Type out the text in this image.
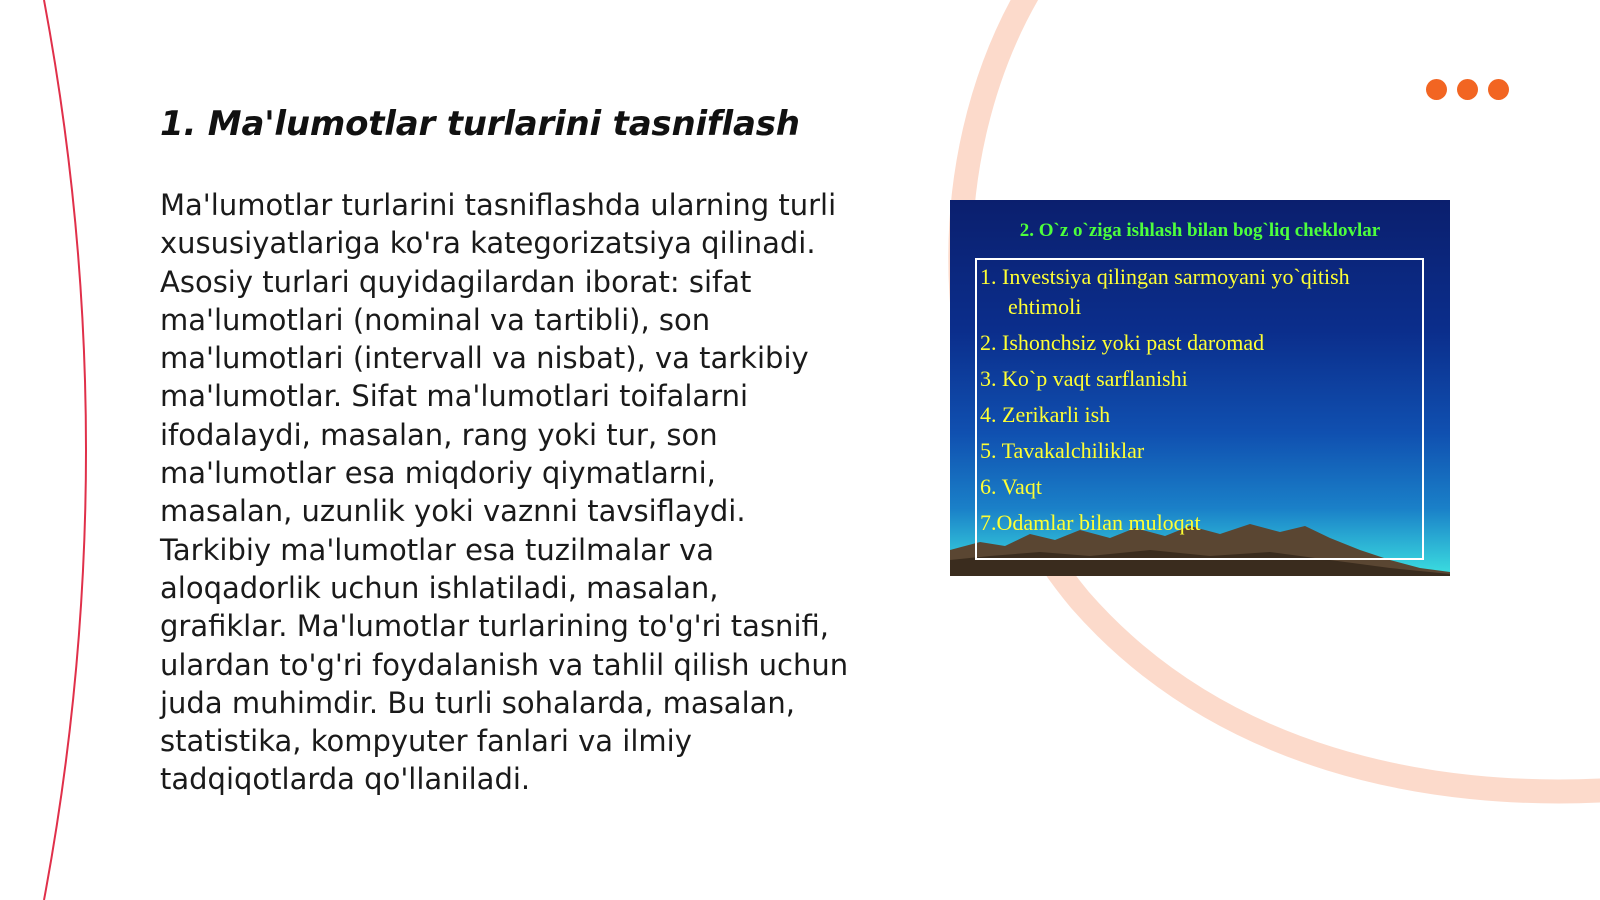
1. Ma'lumotlar turlarini tasniflash

Ma'lumotlar turlarini tasniflashda ularning turli xususiyatlariga ko'ra kategorizatsiya qilinadi. Asosiy turlari quyidagilardan iborat: sifat ma'lumotlari (nominal va tartibli), son ma'lumotlari (intervall va nisbat), va tarkibiy ma'lumotlar. Sifat ma'lumotlari toifalarni ifodalaydi, masalan, rang yoki tur, son ma'lumotlar esa miqdoriy qiymatlarni, masalan, uzunlik yoki vaznni tavsiflaydi. Tarkibiy ma'lumotlar esa tuzilmalar va aloqadorlik uchun ishlatiladi, masalan, grafiklar. Ma'lumotlar turlarining to'g'ri tasnifi, ulardan to'g'ri foydalanish va tahlil qilish uchun juda muhimdir. Bu turli sohalarda, masalan, statistika, kompyuter fanlari va ilmiy tadqiqotlarda qo'llaniladi.

2. O`z o`ziga ishlash bilan bog`liq cheklovlar
1. Investsiya qilingan sarmoyani yo`qitish ehtimoli
2. Ishonchsiz yoki past daromad
3. Ko`p vaqt sarflanishi
4. Zerikarli ish
5. Tavakalchiliklar
6. Vaqt
7.Odamlar bilan muloqat
